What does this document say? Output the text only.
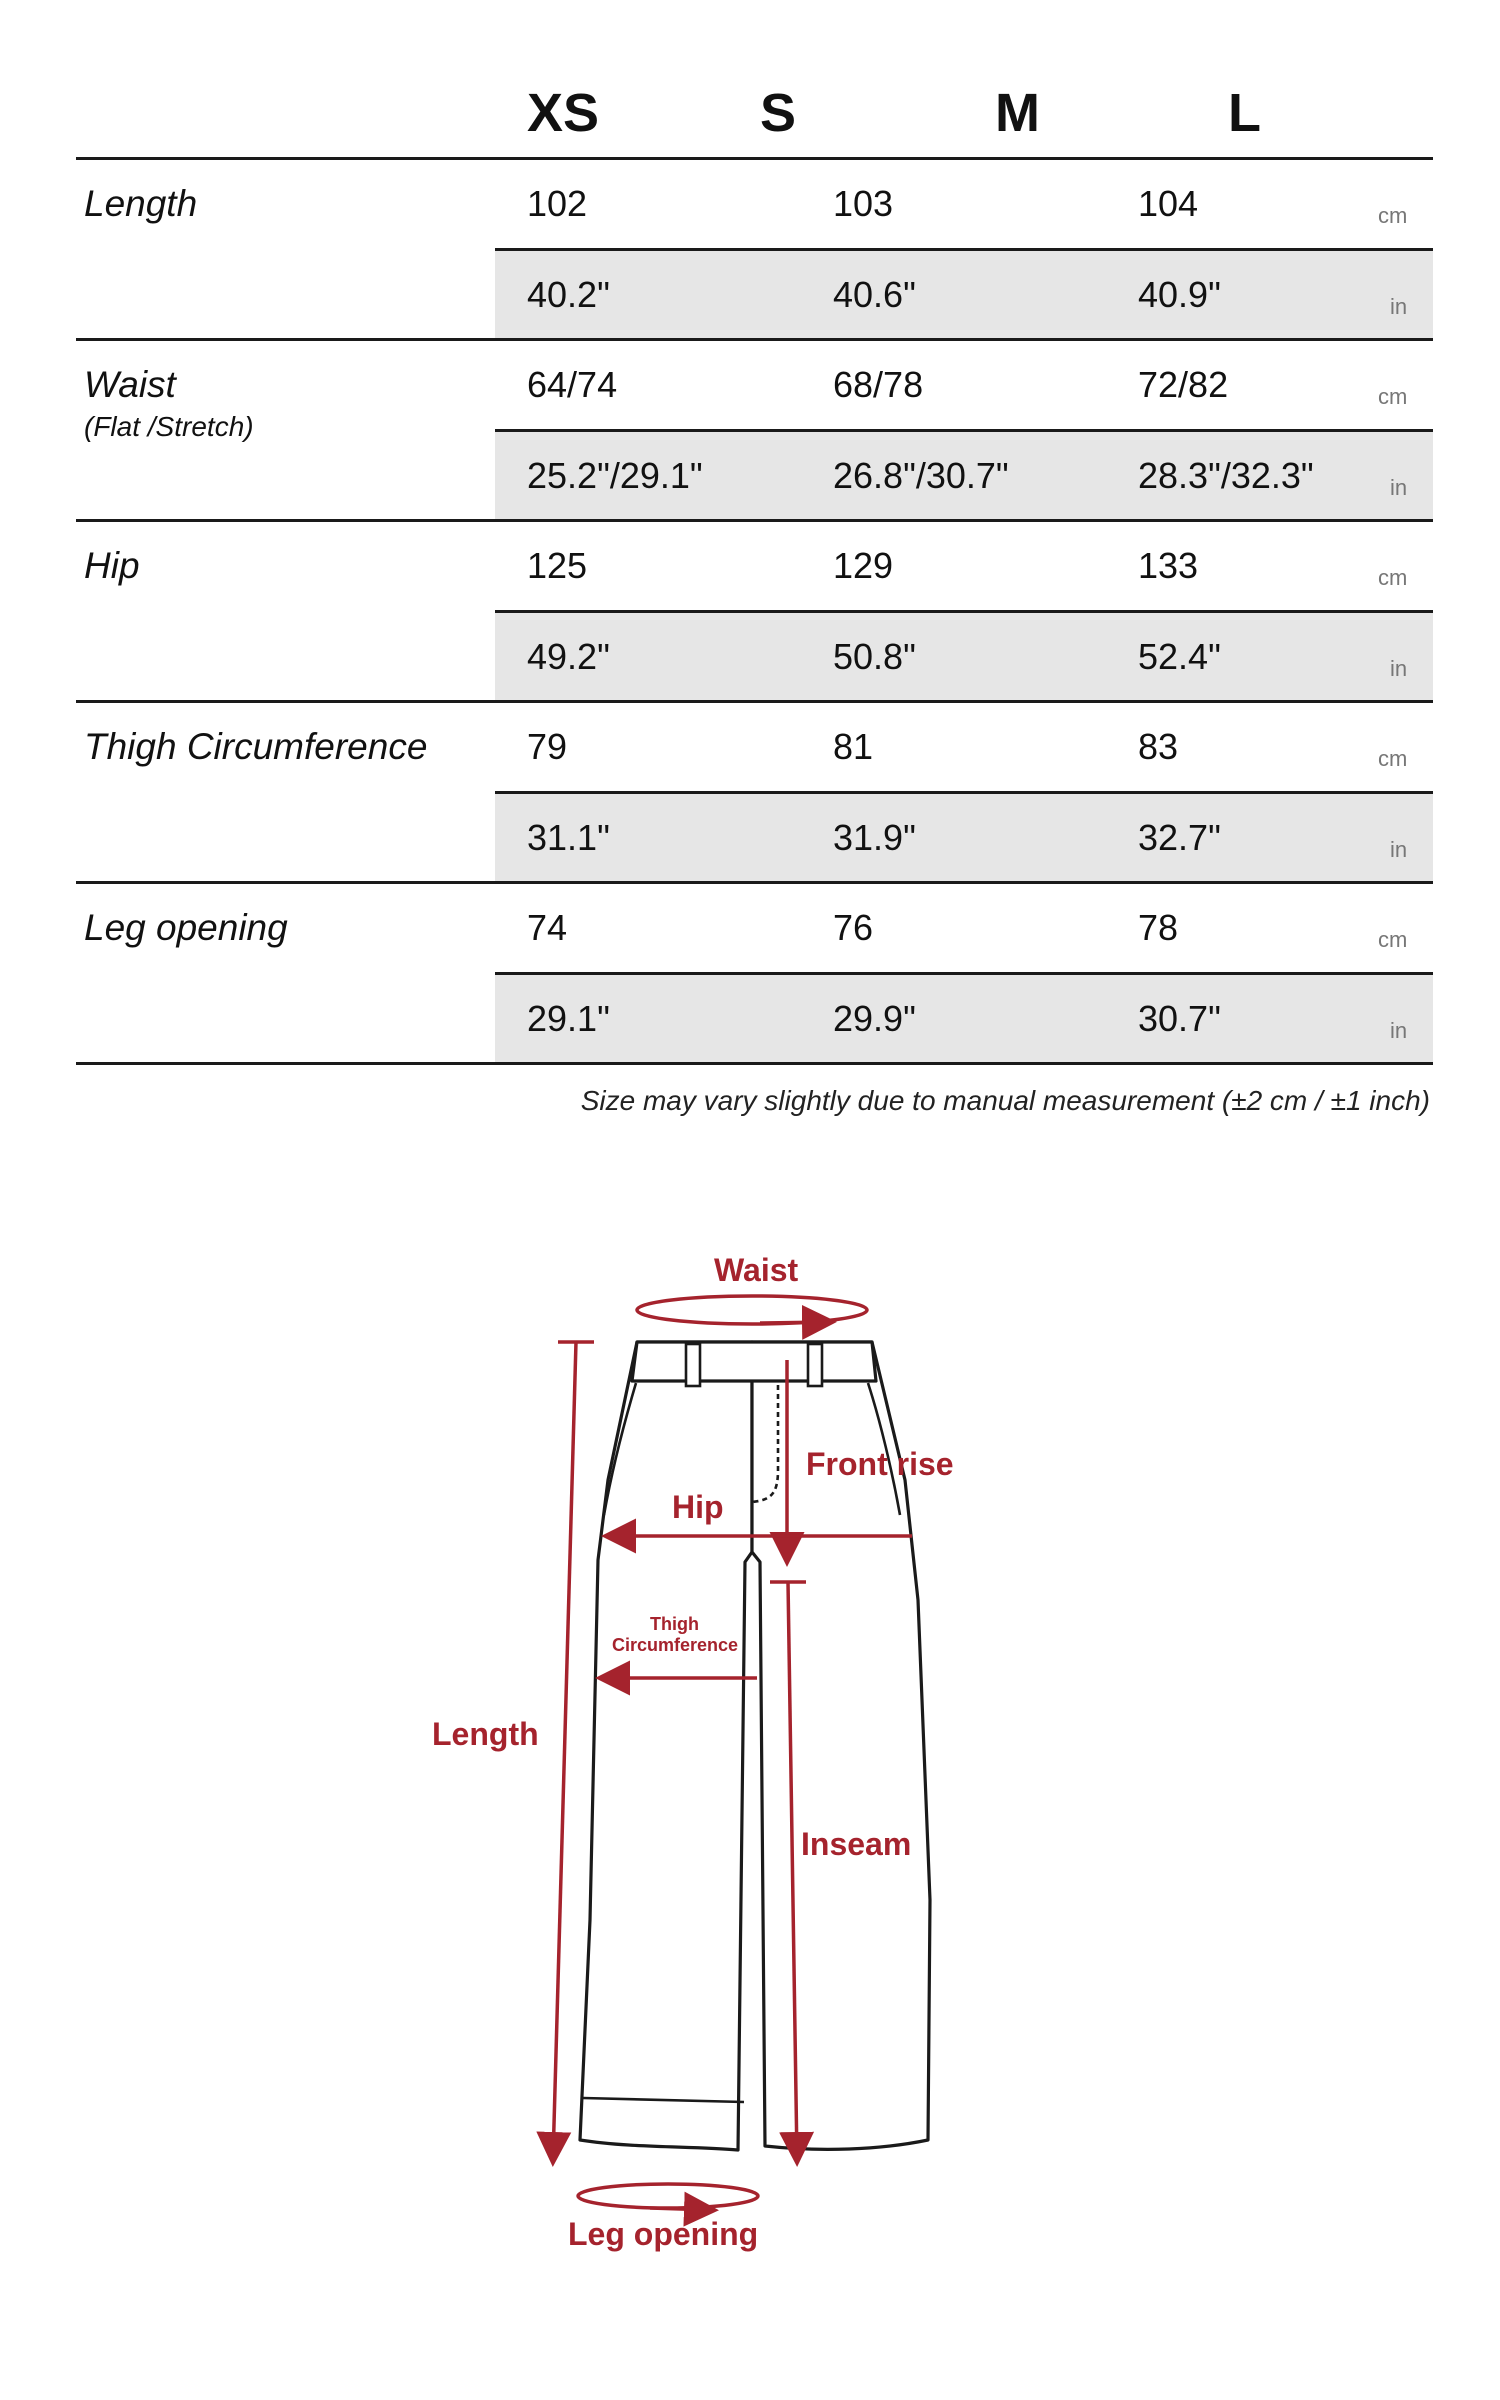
XS	S	M	L
Length	102	103	104	cm
40.2"	40.6"	40.9"	in
Waist
(Flat /Stretch)
64/74	68/78	72/82	cm
25.2"/29.1"	26.8"/30.7"	28.3"/32.3"	in
Hip	125	129	133	cm
49.2"	50.8"	52.4"	in
Thigh Circumference	79	81	83	cm
31.1"	31.9"	32.7"	in
Leg opening	74	76	78	cm
29.1"	29.9"	30.7"	in
Size may vary slightly due to manual measurement (±2 cm / ±1 inch)
Waist
Front rise
Hip
Thigh
Circumference
Length
Inseam
Leg opening
